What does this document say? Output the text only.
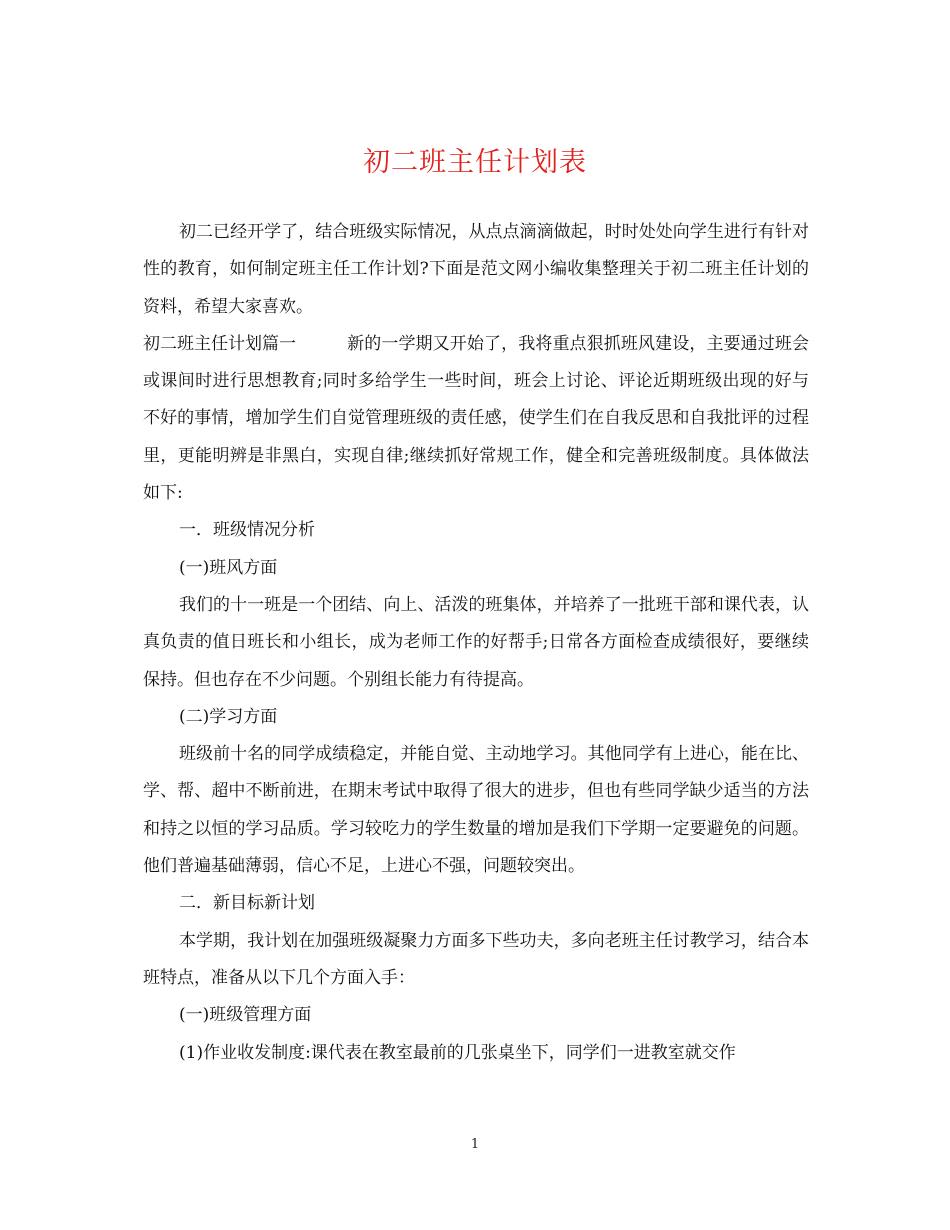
初二班主任计划表

初二已经开学了，结合班级实际情况，从点点滴滴做起，时时处处向学生进行有针对性的教育，如何制定班主任工作计划?下面是范文网小编收集整理关于初二班主任计划的资料，希望大家喜欢。

初二班主任计划篇一	新的一学期又开始了，我将重点狠抓班风建设，主要通过班会或课间时进行思想教育;同时多给学生一些时间，班会上讨论、评论近期班级出现的好与不好的事情，增加学生们自觉管理班级的责任感，使学生们在自我反思和自我批评的过程里，更能明辨是非黑白，实现自律;继续抓好常规工作，健全和完善班级制度。具体做法如下:

一．班级情况分析

(一)班风方面

我们的十一班是一个团结、向上、活泼的班集体，并培养了一批班干部和课代表，认真负责的值日班长和小组长，成为老师工作的好帮手;日常各方面检查成绩很好，要继续保持。但也存在不少问题。个别组长能力有待提高。

(二)学习方面

班级前十名的同学成绩稳定，并能自觉、主动地学习。其他同学有上进心，能在比、学、帮、超中不断前进，在期末考试中取得了很大的进步，但也有些同学缺少适当的方法和持之以恒的学习品质。学习较吃力的学生数量的增加是我们下学期一定要避免的问题。他们普遍基础薄弱，信心不足，上进心不强，问题较突出。

二．新目标新计划

本学期，我计划在加强班级凝聚力方面多下些功夫，多向老班主任讨教学习，结合本班特点，准备从以下几个方面入手：

(一)班级管理方面

(1)作业收发制度:课代表在教室最前的几张桌坐下，同学们一进教室就交作

1
